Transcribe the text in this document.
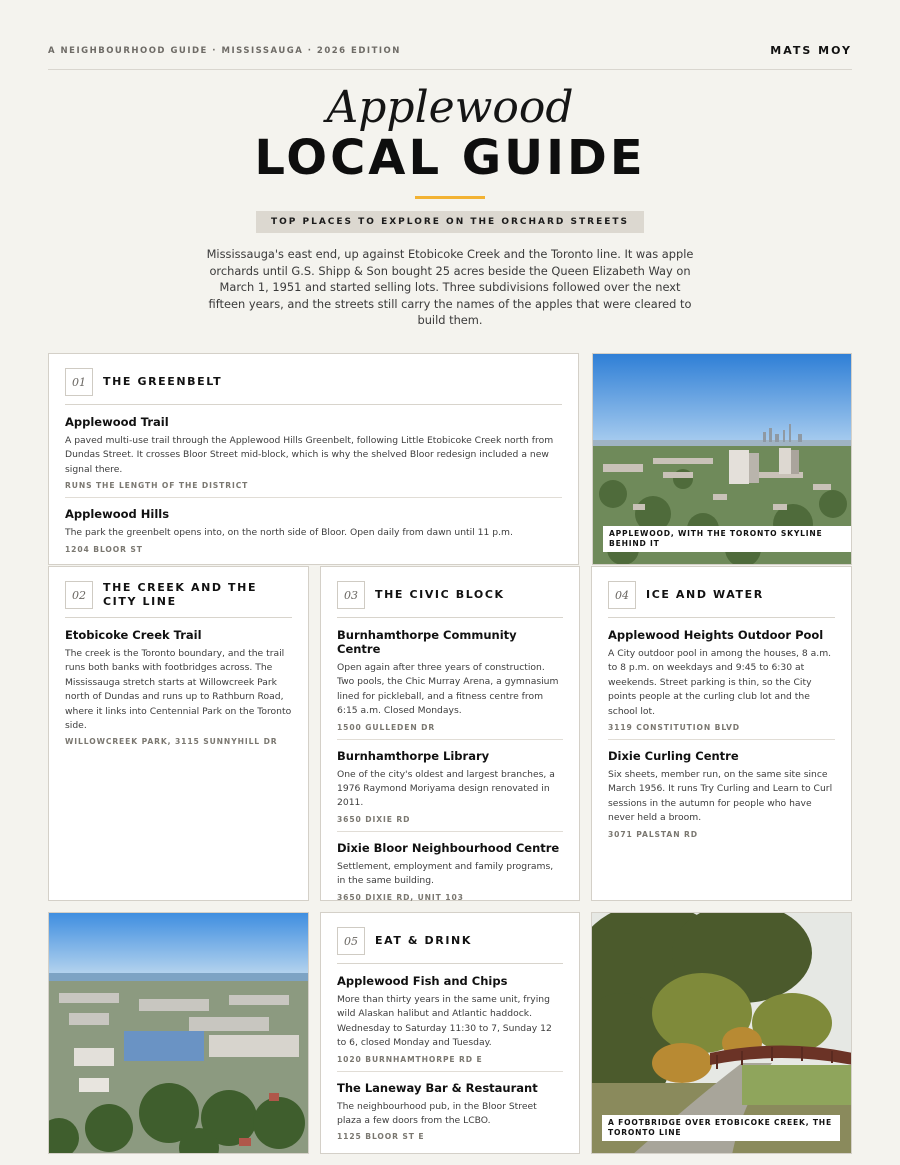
A NEIGHBOURHOOD GUIDE · MISSISSAUGA · 2026 EDITION	MATS MOY
Applewood
LOCAL GUIDE
TOP PLACES TO EXPLORE ON THE ORCHARD STREETS

Mississauga's east end, up against Etobicoke Creek and the Toronto line. It was apple orchards until G.S. Shipp & Son bought 25 acres beside the Queen Elizabeth Way on March 1, 1951 and started selling lots. Three subdivisions followed over the next fifteen years, and the streets still carry the names of the apples that were cleared to build them.

01	THE GREENBELT
Applewood Trail
A paved multi-use trail through the Applewood Hills Greenbelt, following Little Etobicoke Creek north from Dundas Street. It crosses Bloor Street mid-block, which is why the shelved Bloor redesign included a new signal there.
RUNS THE LENGTH OF THE DISTRICT
Applewood Hills
The park the greenbelt opens into, on the north side of Bloor. Open daily from dawn until 11 p.m.
1204 BLOOR ST
APPLEWOOD, WITH THE TORONTO SKYLINE BEHIND IT
02
THE CREEK AND THE CITY LINE
Etobicoke Creek Trail
The creek is the Toronto boundary, and the trail runs both banks with footbridges across. The Mississauga stretch starts at Willowcreek Park north of Dundas and runs up to Rathburn Road, where it links into Centennial Park on the Toronto side.
WILLOWCREEK PARK, 3115 SUNNYHILL DR
03	THE CIVIC BLOCK
Burnhamthorpe Community Centre
Open again after three years of construction. Two pools, the Chic Murray Arena, a gymnasium lined for pickleball, and a fitness centre from 6:15 a.m. Closed Mondays.
1500 GULLEDEN DR
Burnhamthorpe Library
One of the city's oldest and largest branches, a 1976 Raymond Moriyama design renovated in 2011.
3650 DIXIE RD
Dixie Bloor Neighbourhood Centre
Settlement, employment and family programs, in the same building.
3650 DIXIE RD, UNIT 103
04	ICE AND WATER
Applewood Heights Outdoor Pool
A City outdoor pool in among the houses, 8 a.m. to 8 p.m. on weekdays and 9:45 to 6:30 at weekends. Street parking is thin, so the City points people at the curling club lot and the school lot.
3119 CONSTITUTION BLVD
Dixie Curling Centre
Six sheets, member run, on the same site since March 1956. It runs Try Curling and Learn to Curl sessions in the autumn for people who have never held a broom.
3071 PALSTAN RD
05	EAT & DRINK
Applewood Fish and Chips
More than thirty years in the same unit, frying wild Alaskan halibut and Atlantic haddock. Wednesday to Saturday 11:30 to 7, Sunday 12 to 6, closed Monday and Tuesday.
1020 BURNHAMTHORPE RD E
The Laneway Bar & Restaurant
The neighbourhood pub, in the Bloor Street plaza a few doors from the LCBO.
1125 BLOOR ST E
A FOOTBRIDGE OVER ETOBICOKE CREEK, THE TORONTO LINE
